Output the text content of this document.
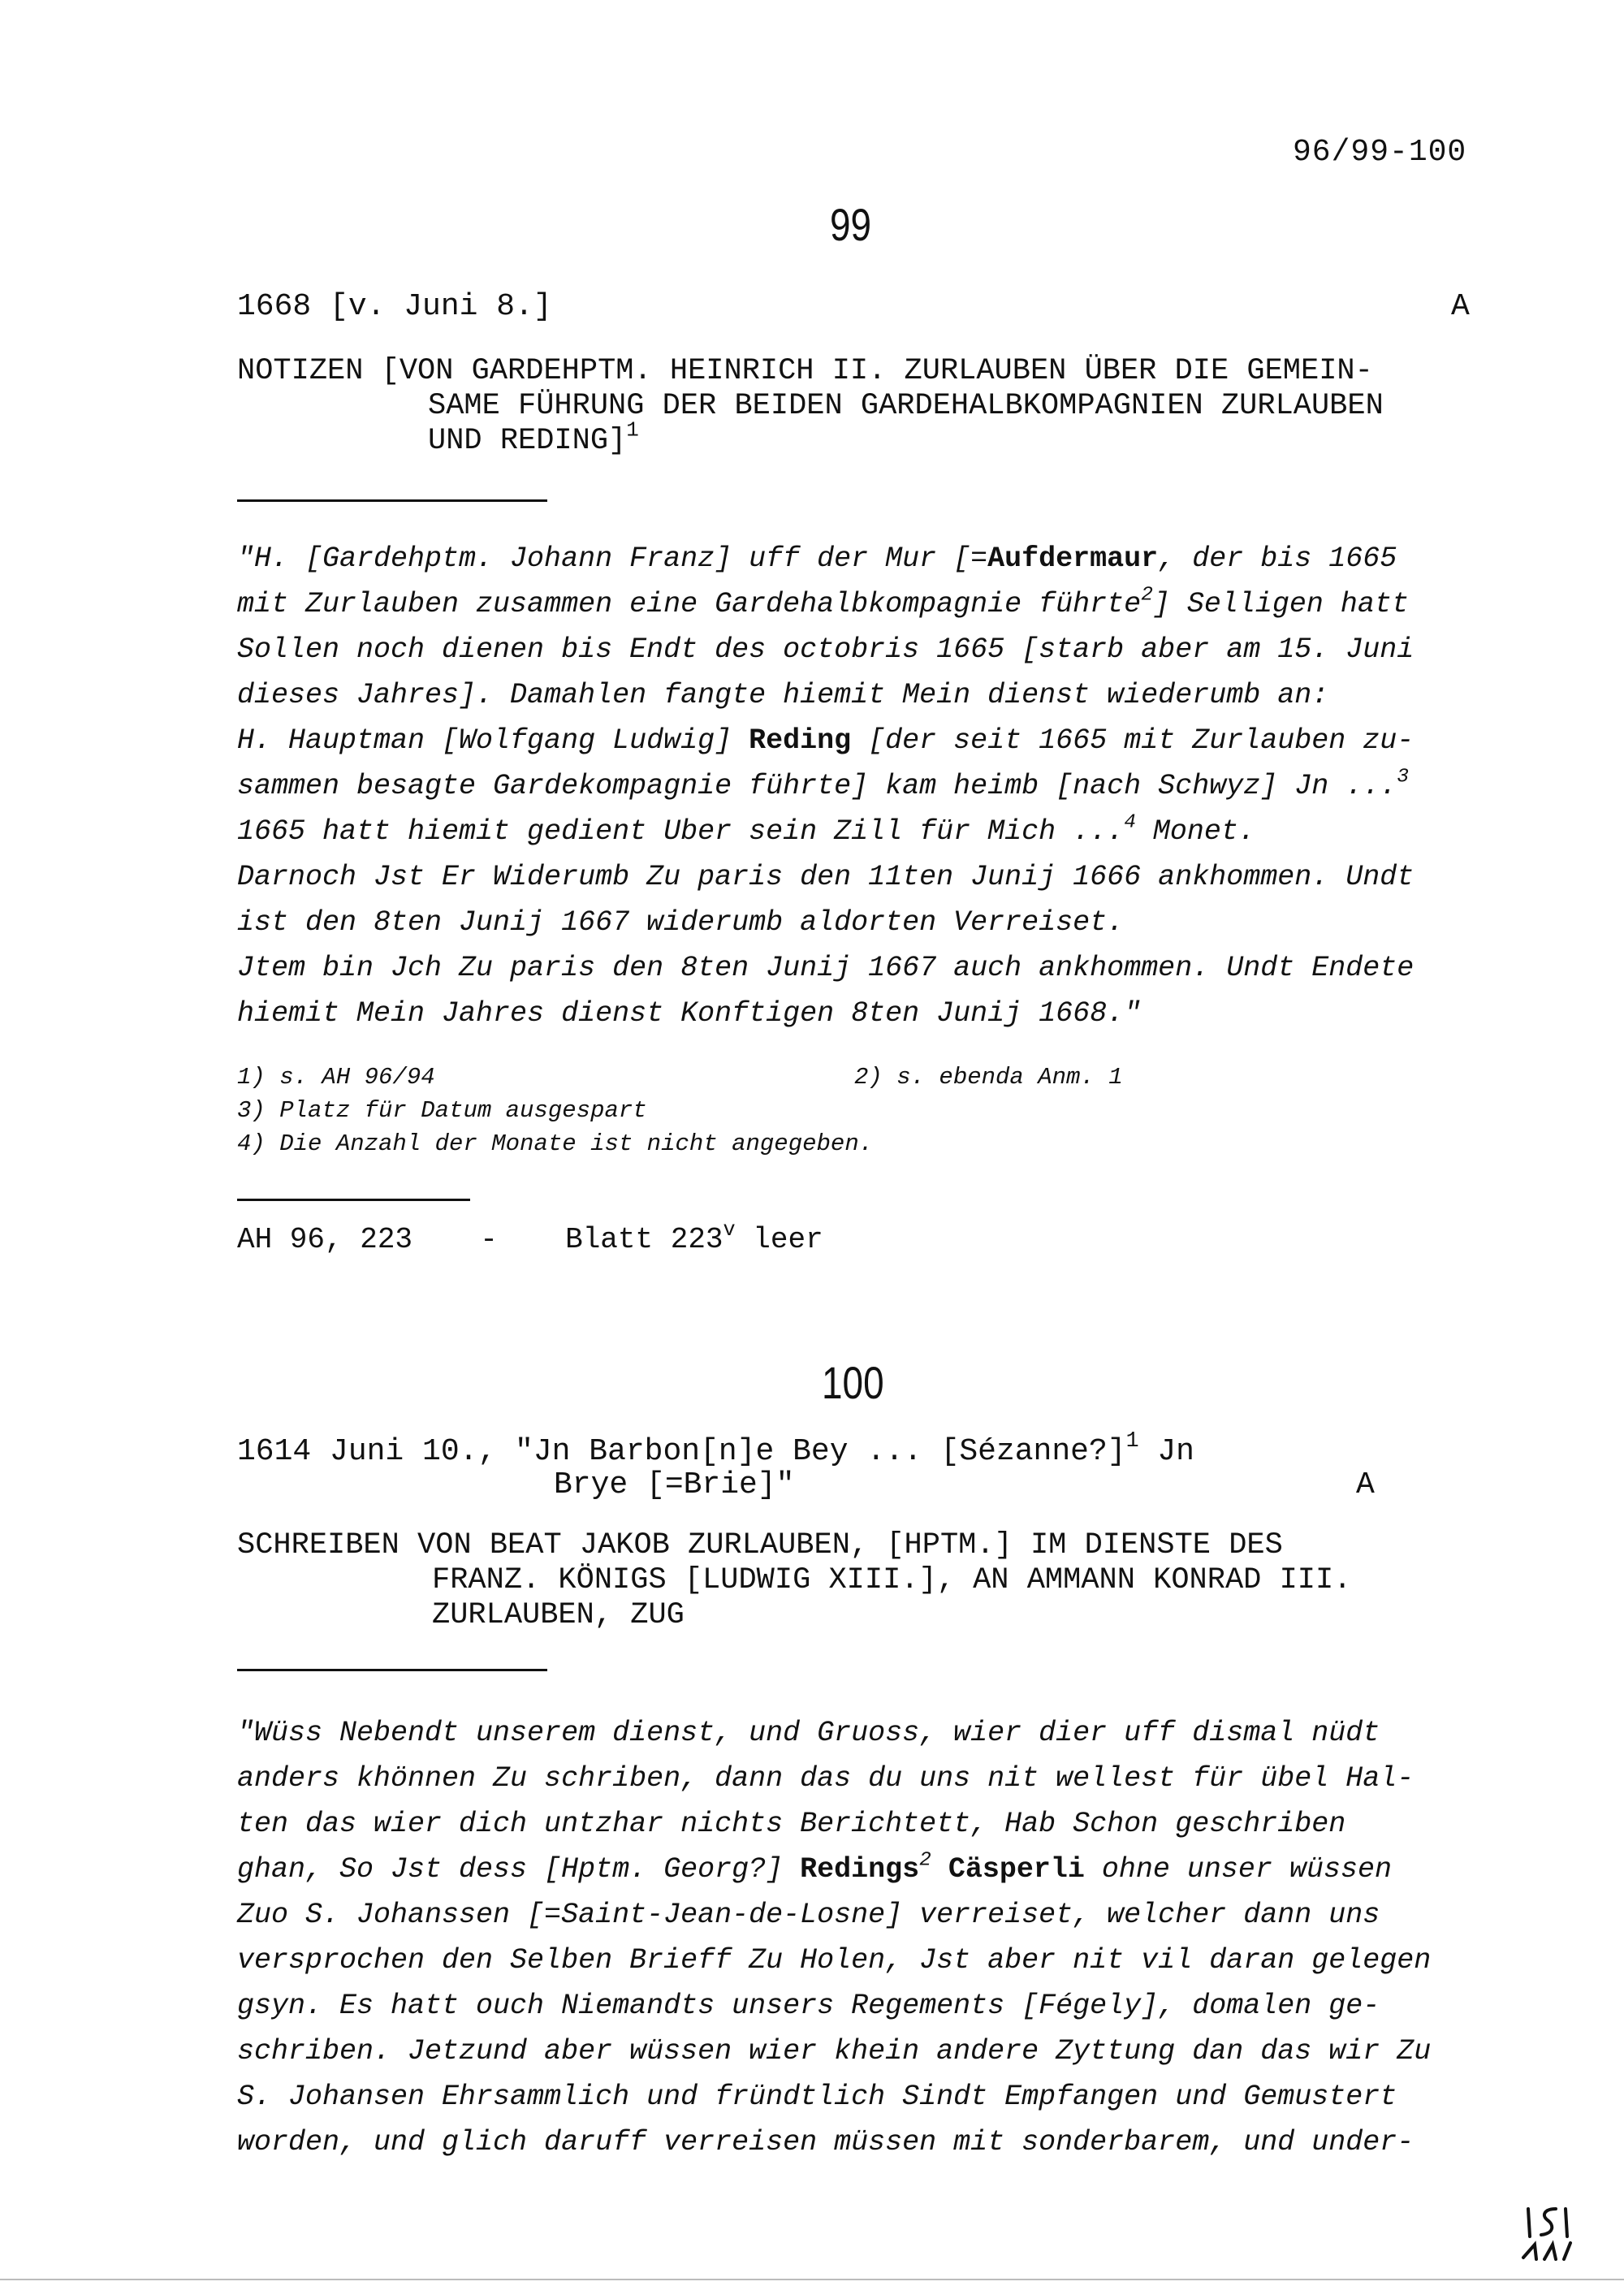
96/99-100
99
1668 [v. Juni 8.]	A
NOTIZEN [VON GARDEHPTM. HEINRICH II. ZURLAUBEN ÜBER DIE GEMEIN-
SAME FÜHRUNG DER BEIDEN GARDEHALBKOMPAGNIEN ZURLAUBEN
UND REDING]$^1$
"H. [Gardehptm. Johann Franz] uff der Mur [=Aufdermaur, der bis 1665
mit Zurlauben zusammen eine Gardehalbkompagnie führte$^2$] Selligen hatt
Sollen noch dienen bis Endt des octobris 1665 [starb aber am 15. Juni
dieses Jahres]. Damahlen fangte hiemit Mein dienst wiederumb an:
H. Hauptman [Wolfgang Ludwig] Reding [der seit 1665 mit Zurlauben zu-
sammen besagte Gardekompagnie führte] kam heimb [nach Schwyz] Jn ...$^3$
1665 hatt hiemit gedient Uber sein Zill für Mich ...$^4$ Monet.
Darnoch Jst Er Widerumb Zu paris den 11ten Junij 1666 ankhommen. Undt
ist den 8ten Junij 1667 widerumb aldorten Verreiset.
Jtem bin Jch Zu paris den 8ten Junij 1667 auch ankhommen. Undt Endete
hiemit Mein Jahres dienst Konftigen 8ten Junij 1668."
1) s. AH 96/94	2) s. ebenda Anm. 1
3) Platz für Datum ausgespart
4) Die Anzahl der Monate ist nicht angegeben.
AH 96, 223 - Blatt 223$^v$ leer
100
1614 Juni 10., "Jn Barbon[n]e Bey ... [Sézanne?]$^1$ Jn
Brye [=Brie]"	A
SCHREIBEN VON BEAT JAKOB ZURLAUBEN, [HPTM.] IM DIENSTE DES
FRANZ. KÖNIGS [LUDWIG XIII.], AN AMMANN KONRAD III.
ZURLAUBEN, ZUG
"Wüss Nebendt unserem dienst, und Gruoss, wier dier uff dismal nüdt
anders khönnen Zu schriben, dann das du uns nit wellest für übel Hal-
ten das wier dich untzhar nichts Berichtett, Hab Schon geschriben
ghan, So Jst dess [Hptm. Georg?] Redings$^2$ Cäsperli ohne unser wüssen
Zuo S. Johanssen [=Saint-Jean-de-Losne] verreiset, welcher dann uns
versprochen den Selben Brieff Zu Holen, Jst aber nit vil daran gelegen
gsyn. Es hatt ouch Niemandts unsers Regements [Fégely], domalen ge-
schriben. Jetzund aber wüssen wier khein andere Zyttung dan das wir Zu
S. Johansen Ehrsammlich und fründtlich Sindt Empfangen und Gemustert
worden, und glich daruff verreisen müssen mit sonderbarem, und under-
